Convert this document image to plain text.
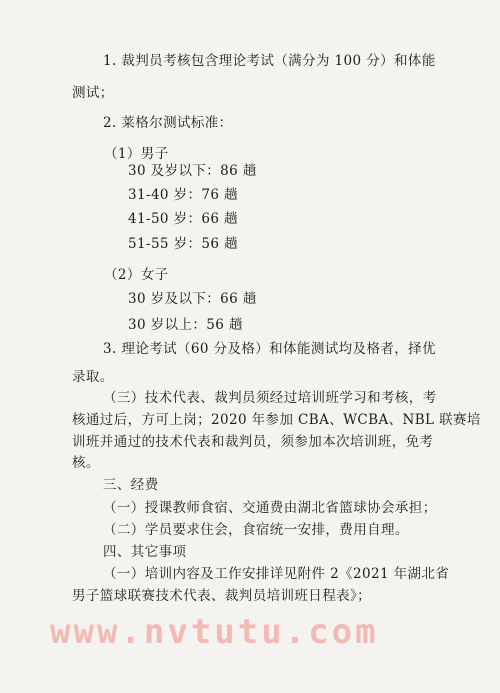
1. 裁判员考核包含理论考试（满分为 100 分）和体能
测试；
2. 莱格尔测试标准：
（1）男子
30 及岁以下：86 趟
31-40 岁：76 趟
41-50 岁：66 趟
51-55 岁：56 趟
（2）女子
30 岁及以下：66 趟
30 岁以上：56 趟
3. 理论考试（60 分及格）和体能测试均及格者，择优
录取。
（三）技术代表、裁判员须经过培训班学习和考核，考
核通过后，方可上岗；2020 年参加 CBA、WCBA、NBL 联赛培
训班并通过的技术代表和裁判员，须参加本次培训班，免考
核。
三、经费
（一）授课教师食宿、交通费由湖北省篮球协会承担；
（二）学员要求住会，食宿统一安排，费用自理。
四、其它事项
（一）培训内容及工作安排详见附件 2《2021 年湖北省
男子篮球联赛技术代表、裁判员培训班日程表》；
www.nvtutu.com
